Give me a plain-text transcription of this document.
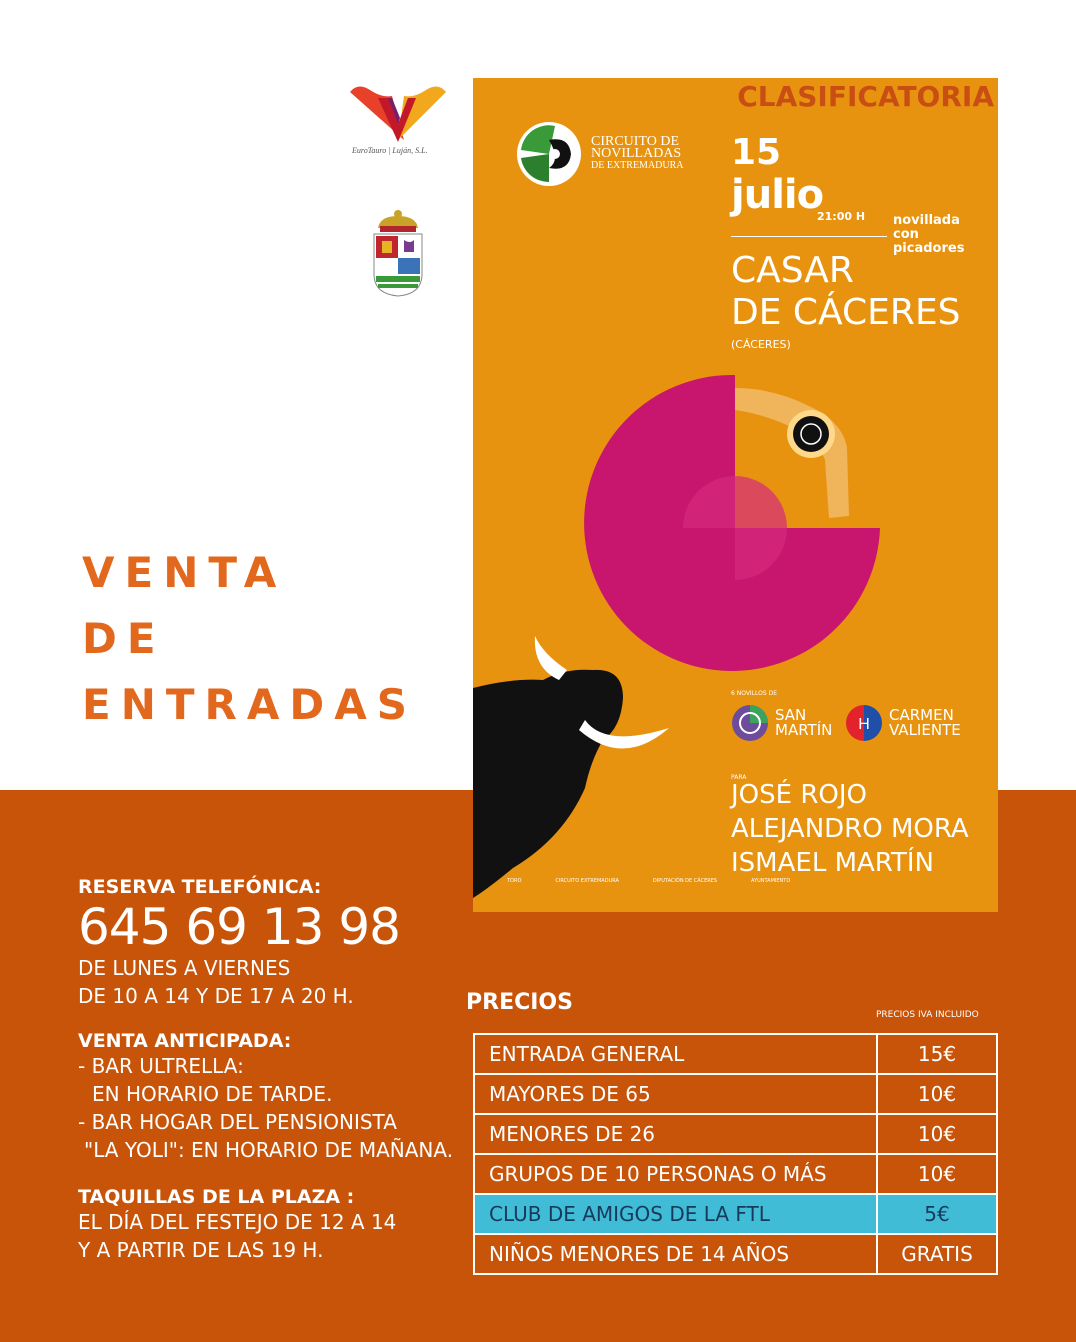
EuroTauro | Luján, S.L.
VENTA
DE
ENTRADAS
CLASIFICATORIA
CIRCUITO DE
NOVILLADAS
DE EXTREMADURA 15
julio
21:00 H novillada
con
picadores
CASAR
DE CÁCERES
(CÁCERES)
6 NOVILLOS DE
SAN
MARTÍN H
CARMEN
VALIENTE
PARA
JOSÉ ROJO
ALEJANDRO MORA
ISMAEL MARTÍN
TORO	CIRCUITO EXTREMADURA	DIPUTACIÓN DE CÁCERES	AYUNTAMIENTO
RESERVA TELEFÓNICA:
645 69 13 98
DE LUNES A VIERNES
DE 10 A 14 Y DE 17 A 20 H.
VENTA ANTICIPADA:
- BAR ULTRELLA:
EN HORARIO DE TARDE.
- BAR HOGAR DEL PENSIONISTA
"LA YOLI": EN HORARIO DE MAÑANA.
TAQUILLAS DE LA PLAZA :
EL DÍA DEL FESTEJO DE 12 A 14
Y A PARTIR DE LAS 19 H.
PRECIOS	PRECIOS IVA INCLUIDO
ENTRADA GENERAL	15€
MAYORES DE 65	10€
MENORES DE 26	10€
GRUPOS DE 10 PERSONAS O MÁS	10€
CLUB DE AMIGOS DE LA FTL	5€
NIÑOS MENORES DE 14 AÑOS	GRATIS
